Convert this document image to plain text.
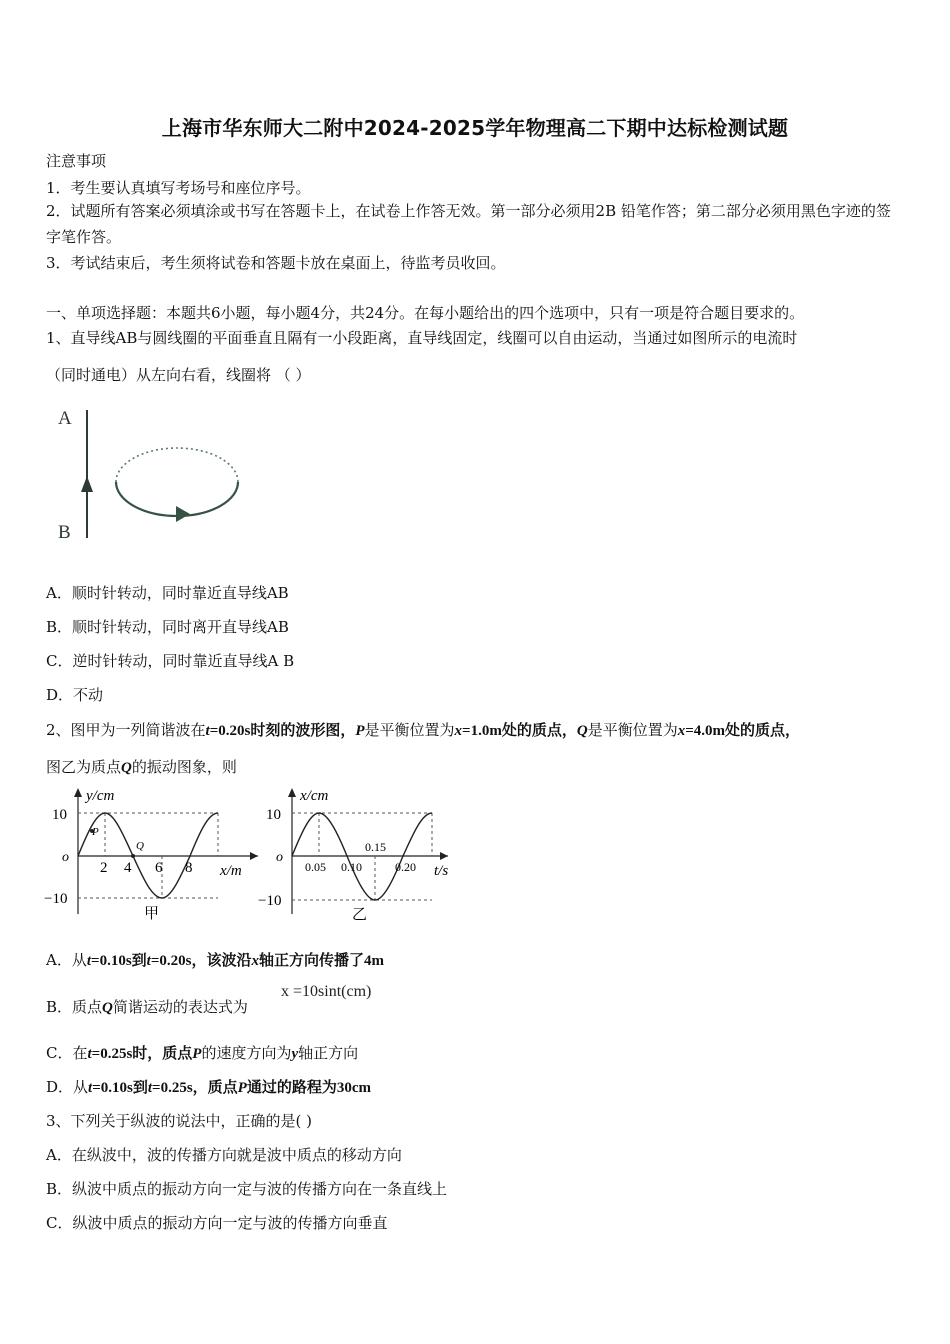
上海市华东师大二附中2024-2025学年物理高二下期中达标检测试题
注意事项
1．考生要认真填写考场号和座位序号。
2．试题所有答案必须填涂或书写在答题卡上，在试卷上作答无效。第一部分必须用2B 铅笔作答；第二部分必须用黑色字迹的签字笔作答。
3．考试结束后，考生须将试卷和答题卡放在桌面上，待监考员收回。
一、单项选择题：本题共6小题，每小题4分，共24分。在每小题给出的四个选项中，只有一项是符合题目要求的。
1、直导线AB与圆线圈的平面垂直且隔有一小段距离，直导线固定，线圈可以自由运动，当通过如图所示的电流时
（同时通电）从左向右看，线圈将 （ ）
A
B
A．顺时针转动，同时靠近直导线AB
B．顺时针转动，同时离开直导线AB
C．逆时针转动，同时靠近直导线A B
D．不动
2、图甲为一列简谐波在t=0.20s时刻的波形图，P是平衡位置为x=1.0m处的质点，Q是平衡位置为x=4.0m处的质点，
图乙为质点Q的振动图象，则
P
Q
y/cm
x/m
o
10
−10
2 4 6 8
甲
x/cm
t/s
o
10
−10
0.05 0.10
0.15
0.20
乙
A．从t=0.10s到t=0.20s，该波沿x轴正方向传播了4m
B．质点Q简谐运动的表达式为
x =10sint(cm)
C．在t=0.25s时，质点P的速度方向为y轴正方向
D．从t=0.10s到t=0.25s，质点P通过的路程为30cm
3、下列关于纵波的说法中，正确的是( )
A．在纵波中，波的传播方向就是波中质点的移动方向
B．纵波中质点的振动方向一定与波的传播方向在一条直线上
C．纵波中质点的振动方向一定与波的传播方向垂直
